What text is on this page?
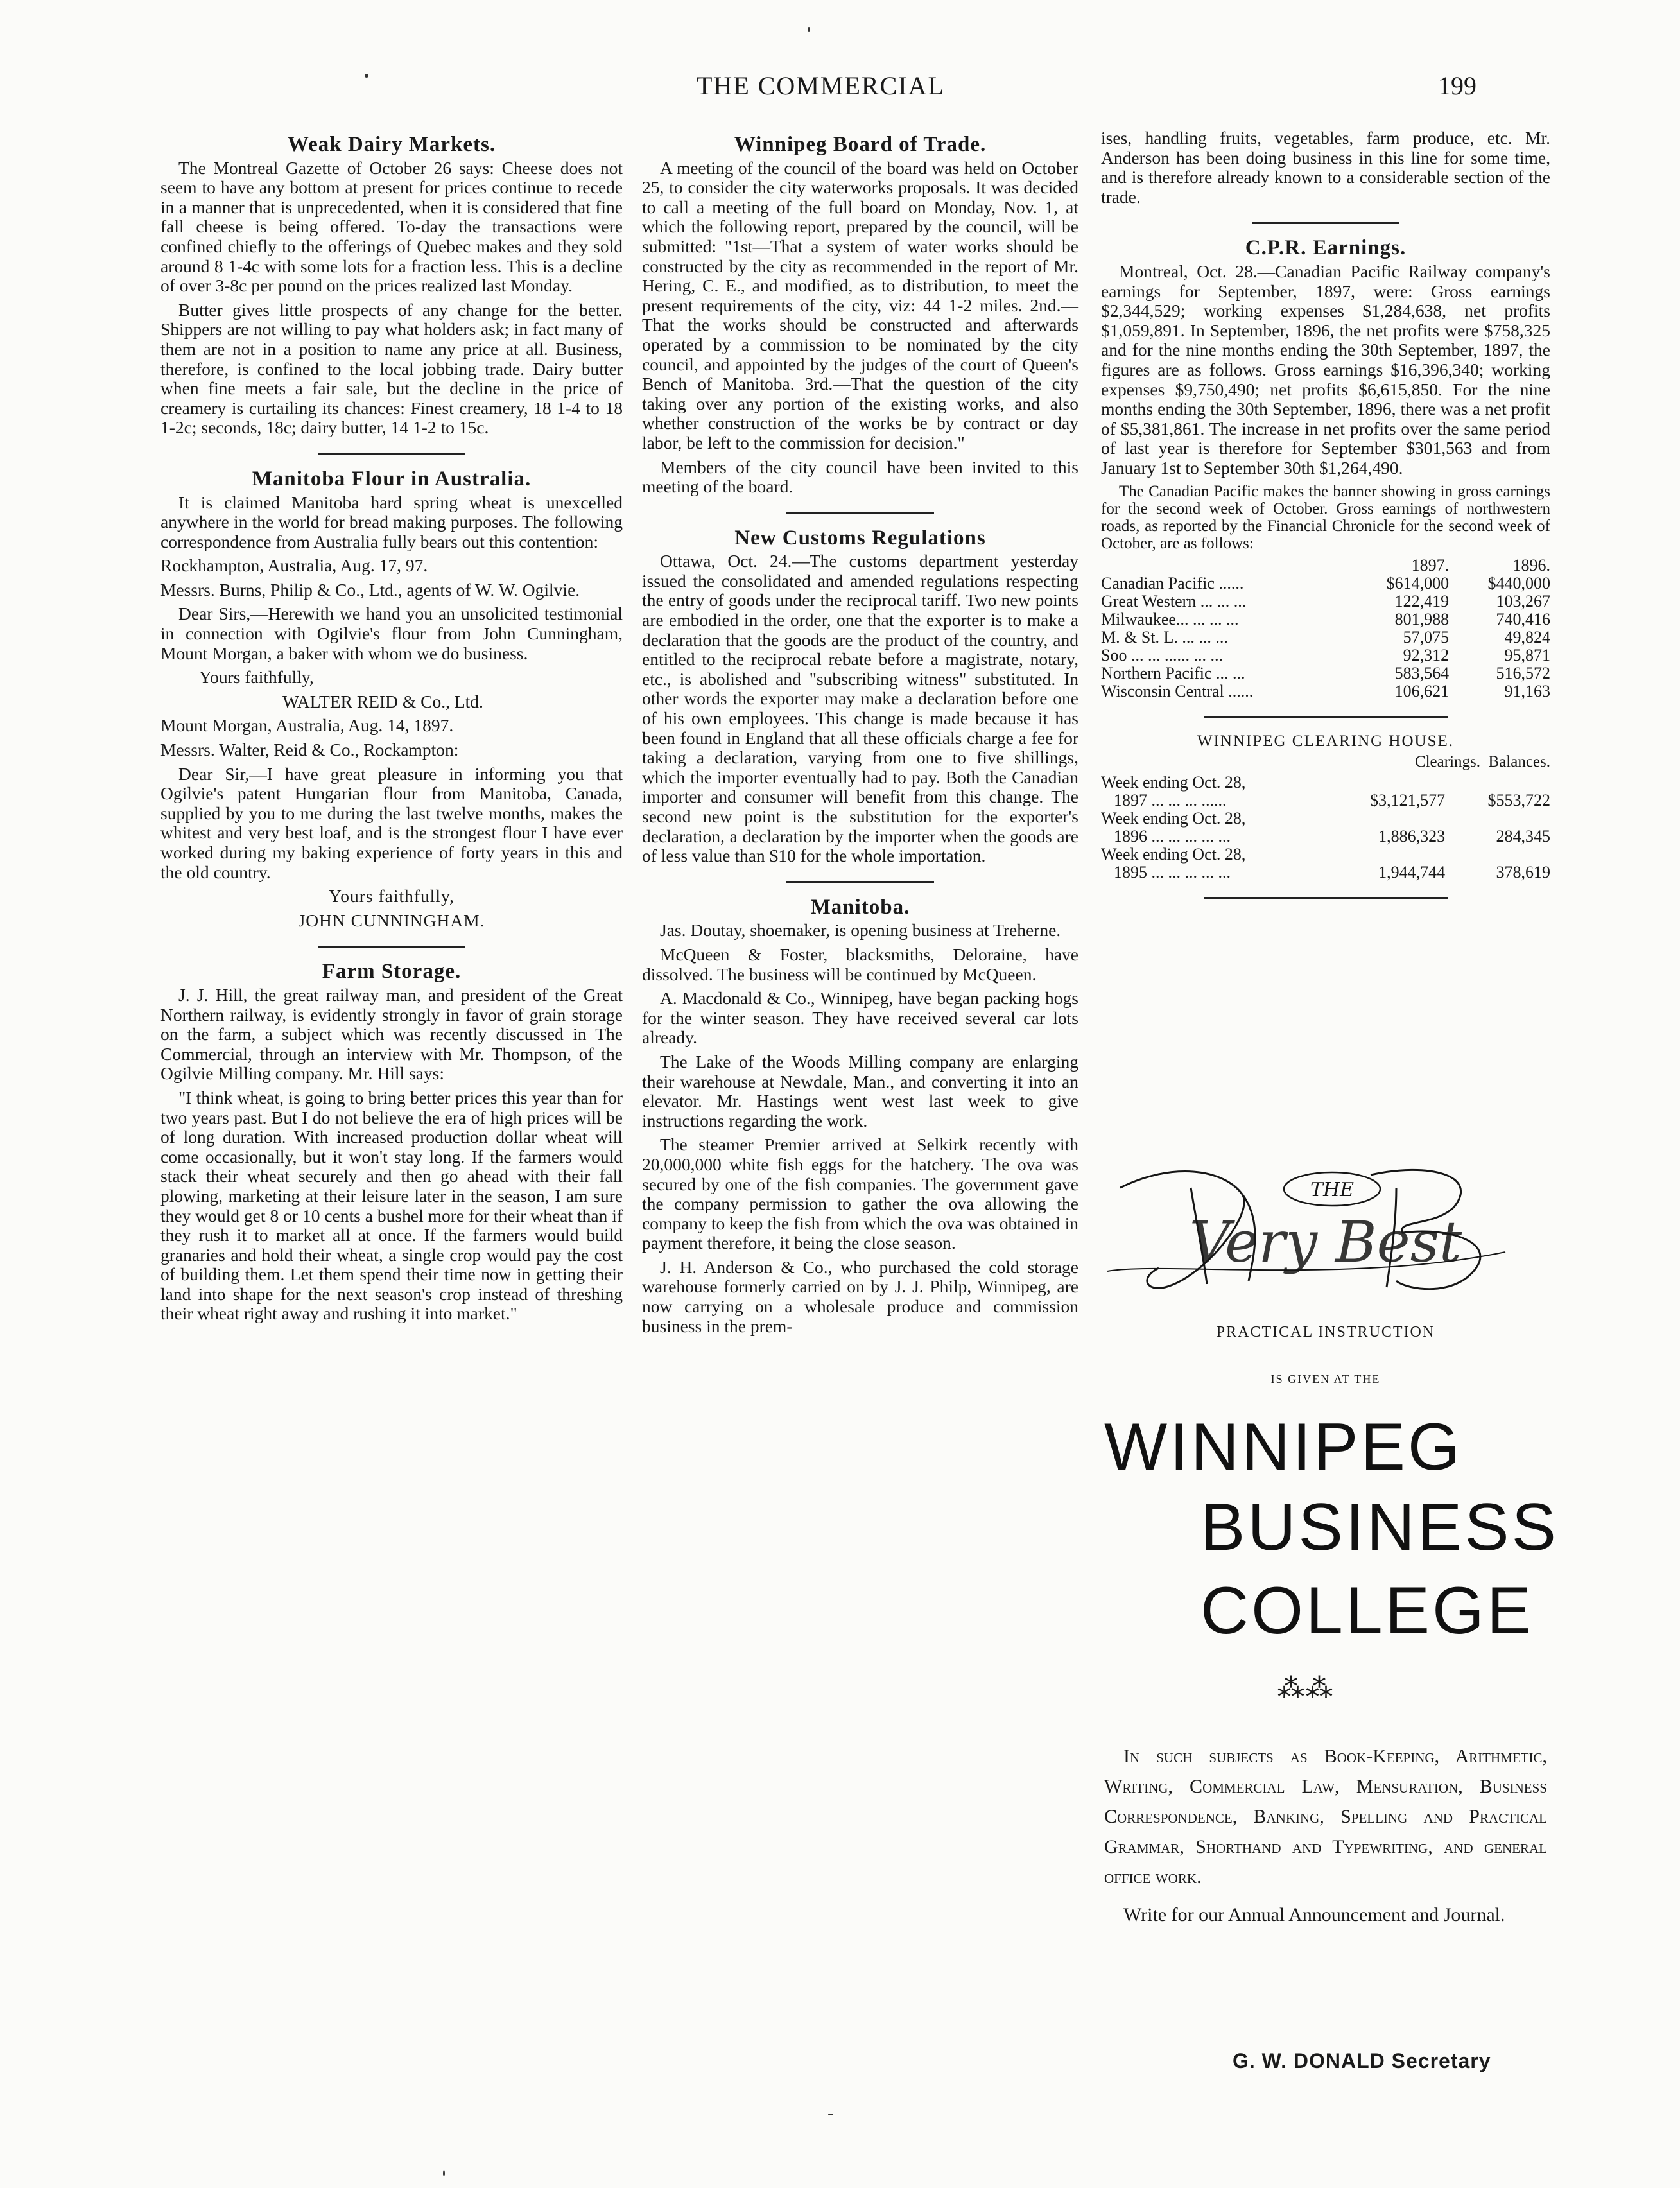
THE COMMERCIAL	199
Weak Dairy Markets.

The Montreal Gazette of October 26 says: Cheese does not seem to have any bottom at present for prices continue to recede in a manner that is unprecedented, when it is considered that fine fall cheese is being offered. To-day the transactions were confined chiefly to the offerings of Quebec makes and they sold around 8 1-4c with some lots for a fraction less. This is a decline of over 3-8c per pound on the prices realized last Monday.

Butter gives little prospects of any change for the better. Shippers are not willing to pay what holders ask; in fact many of them are not in a position to name any price at all. Business, therefore, is confined to the local jobbing trade. Dairy butter when fine meets a fair sale, but the decline in the price of creamery is curtailing its chances: Finest creamery, 18 1-4 to 18 1-2c; seconds, 18c; dairy butter, 14 1-2 to 15c.

Manitoba Flour in Australia.

It is claimed Manitoba hard spring wheat is unexcelled anywhere in the world for bread making purposes. The following correspondence from Australia fully bears out this contention:

Rockhampton, Australia, Aug. 17, 97.

Messrs. Burns, Philip & Co., Ltd., agents of W. W. Ogilvie.

Dear Sirs,—Herewith we hand you an unsolicited testimonial in connection with Ogilvie's flour from John Cunningham, Mount Morgan, a baker with whom we do business.

Yours faithfully,

WALTER REID & Co., Ltd.

Mount Morgan, Australia, Aug. 14, 1897.

Messrs. Walter, Reid & Co., Rockampton:

Dear Sir,—I have great pleasure in informing you that Ogilvie's patent Hungarian flour from Manitoba, Canada, supplied by you to me during the last twelve months, makes the whitest and very best loaf, and is the strongest flour I have ever worked during my baking experience of forty years in this and the old country.

Yours faithfully,

JOHN CUNNINGHAM.

Farm Storage.

J. J. Hill, the great railway man, and president of the Great Northern railway, is evidently strongly in favor of grain storage on the farm, a subject which was recently discussed in The Commercial, through an interview with Mr. Thompson, of the Ogilvie Milling company. Mr. Hill says:

"I think wheat, is going to bring better prices this year than for two years past. But I do not believe the era of high prices will be of long duration. With increased production dollar wheat will come occasionally, but it won't stay long. If the farmers would stack their wheat securely and then go ahead with their fall plowing, marketing at their leisure later in the season, I am sure they would get 8 or 10 cents a bushel more for their wheat than if they rush it to market all at once. If the farmers would build granaries and hold their wheat, a single crop would pay the cost of building them. Let them spend their time now in getting their land into shape for the next season's crop instead of threshing their wheat right away and rushing it into market."

Winnipeg Board of Trade.

A meeting of the council of the board was held on October 25, to consider the city waterworks proposals. It was decided to call a meeting of the full board on Monday, Nov. 1, at which the following report, prepared by the council, will be submitted: "1st—That a system of water works should be constructed by the city as recommended in the report of Mr. Hering, C. E., and modified, as to distribution, to meet the present requirements of the city, viz: 44 1-2 miles. 2nd.—That the works should be constructed and afterwards operated by a commission to be nominated by the city council, and appointed by the judges of the court of Queen's Bench of Manitoba. 3rd.—That the question of the city taking over any portion of the existing works, and also whether construction of the works be by contract or day labor, be left to the commission for decision."

Members of the city council have been invited to this meeting of the board.

New Customs Regulations

Ottawa, Oct. 24.—The customs department yesterday issued the consolidated and amended regulations respecting the entry of goods under the reciprocal tariff. Two new points are embodied in the order, one that the exporter is to make a declaration that the goods are the product of the country, and entitled to the reciprocal rebate before a magistrate, notary, etc., is abolished and "subscribing witness" substituted. In other words the exporter may make a declaration before one of his own employees. This change is made because it has been found in England that all these officials charge a fee for taking a declaration, varying from one to five shillings, which the importer eventually had to pay. Both the Canadian importer and consumer will benefit from this change. The second new point is the substitution for the exporter's declaration, a declaration by the importer when the goods are of less value than $10 for the whole importation.

Manitoba.

Jas. Doutay, shoemaker, is opening business at Treherne.

McQueen & Foster, blacksmiths, Deloraine, have dissolved. The business will be continued by McQueen.

A. Macdonald & Co., Winnipeg, have began packing hogs for the winter season. They have received several car lots already.

The Lake of the Woods Milling company are enlarging their warehouse at Newdale, Man., and converting it into an elevator. Mr. Hastings went west last week to give instructions regarding the work.

The steamer Premier arrived at Selkirk recently with 20,000,000 white fish eggs for the hatchery. The ova was secured by one of the fish companies. The government gave the company permission to gather the ova allowing the company to keep the fish from which the ova was obtained in payment therefore, it being the close season.

J. H. Anderson & Co., who purchased the cold storage warehouse formerly carried on by J. J. Philp, Winnipeg, are now carrying on a wholesale produce and commission business in the prem-

ises, handling fruits, vegetables, farm produce, etc. Mr. Anderson has been doing business in this line for some time, and is therefore already known to a considerable section of the trade.

C.P.R. Earnings.

Montreal, Oct. 28.—Canadian Pacific Railway company's earnings for September, 1897, were: Gross earnings $2,344,529; working expenses $1,284,638, net profits $1,059,891. In September, 1896, the net profits were $758,325 and for the nine months ending the 30th September, 1897, the figures are as follows. Gross earnings $16,396,340; working expenses $9,750,490; net profits $6,615,850. For the nine months ending the 30th September, 1896, there was a net profit of $5,381,861. The increase in net profits over the same period of last year is therefore for September $301,563 and from January 1st to September 30th $1,264,490.

The Canadian Pacific makes the banner showing in gross earnings for the second week of October. Gross earnings of northwestern roads, as reported by the Financial Chronicle for the second week of October, are as follows:

	1897.	1896.
Canadian Pacific ......	$614,000	$440,000
Great Western ... ... ...	122,419	103,267
Milwaukee... ... ... ...	801,988	740,416
M. & St. L. ... ... ...	57,075	49,824
Soo ... ... ...... ... ...	92,312	95,871
Northern Pacific ... ...	583,564	516,572
Wisconsin Central ......	106,621	91,163
WINNIPEG CLEARING HOUSE.
Clearings. Balances.
Week ending Oct. 28,		
1897 ... ... ... ......	$3,121,577	$553,722
Week ending Oct. 28,		
1896 ... ... ... ... ...	1,886,323	284,345
Week ending Oct. 28,		
1895 ... ... ... ... ...	1,944,744	378,619
THE
Very Best
PRACTICAL INSTRUCTION
IS GIVEN AT THE
WINNIPEG
BUSINESS
COLLEGE
⁂⁂

In such subjects as Book-Keeping, Arithmetic, Writing, Commercial Law, Mensuration, Business Correspondence, Banking, Spelling and Practical Grammar, Shorthand and Typewriting, and general office work.

Write for our Annual Announcement and Journal.

G. W. DONALD Secretary
